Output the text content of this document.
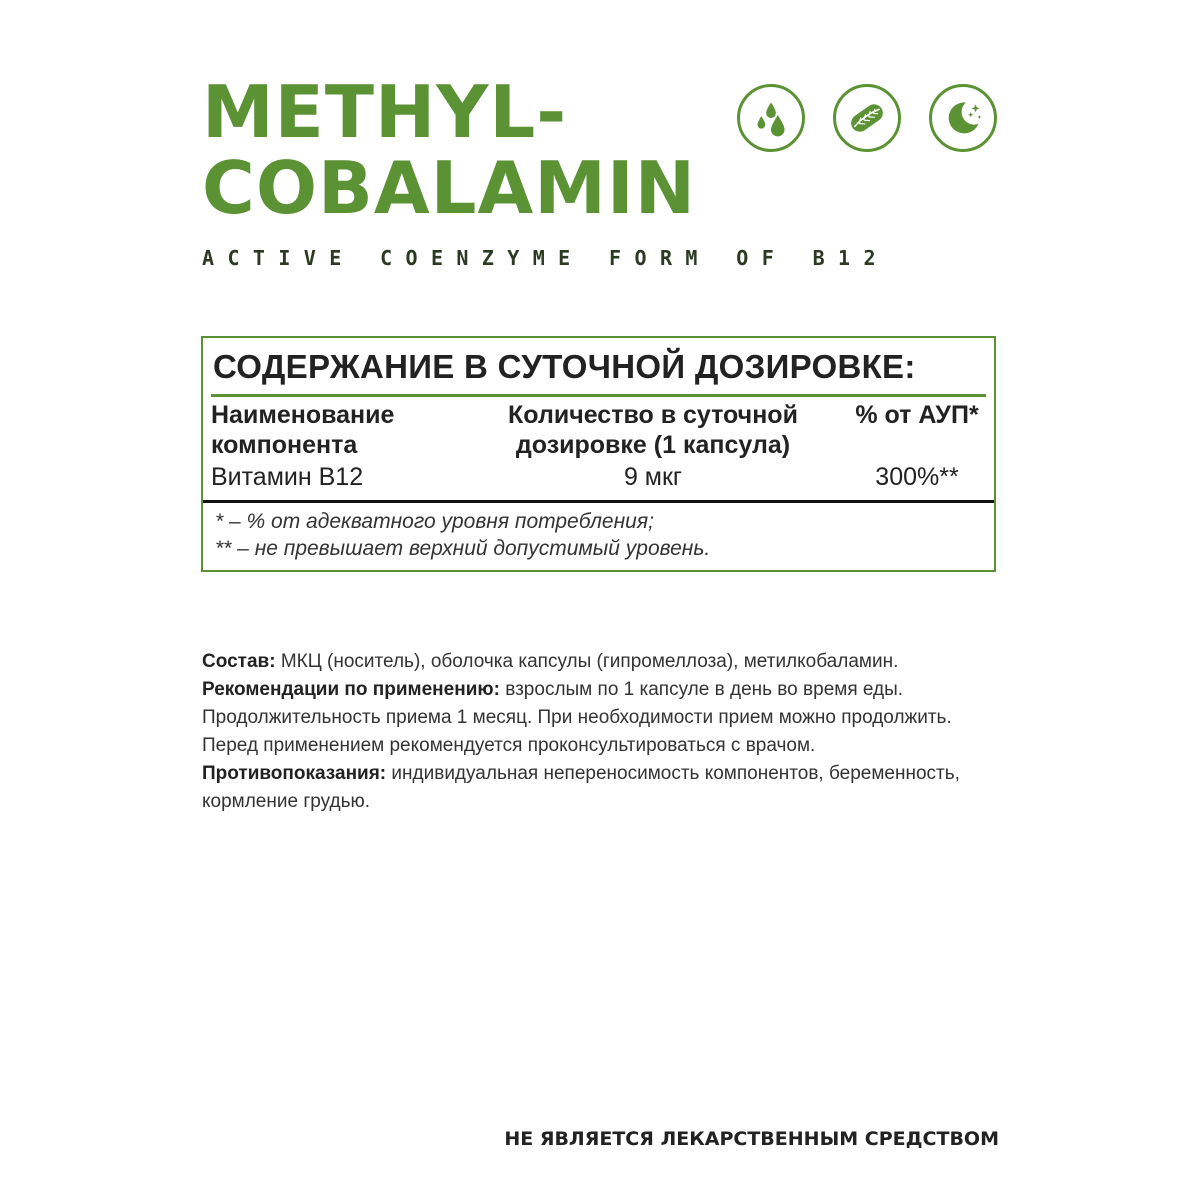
METHYL-
COBALAMIN
ACTIVE COENZYME FORM OF B12
СОДЕРЖАНИЕ В СУТОЧНОЙ ДОЗИРОВКЕ:
Наименование компонента
Количество в суточной дозировке (1 капсула)
% от АУП*
Витамин В12	9 мкг	300%**
* – % от адекватного уровня потребления;
** – не превышает верхний допустимый уровень.

Состав: МКЦ (носитель), оболочка капсулы (гипромеллоза), метилкобаламин.

Рекомендации по применению: взрослым по 1 капсуле в день во время еды. Продолжительность приема 1 месяц. При необходимости прием можно продолжить. Перед применением рекомендуется проконсультироваться с врачом.

Противопоказания: индивидуальная непереносимость компонентов, беременность, кормление грудью.

НЕ ЯВЛЯЕТСЯ ЛЕКАРСТВЕННЫМ СРЕДСТВОМ
